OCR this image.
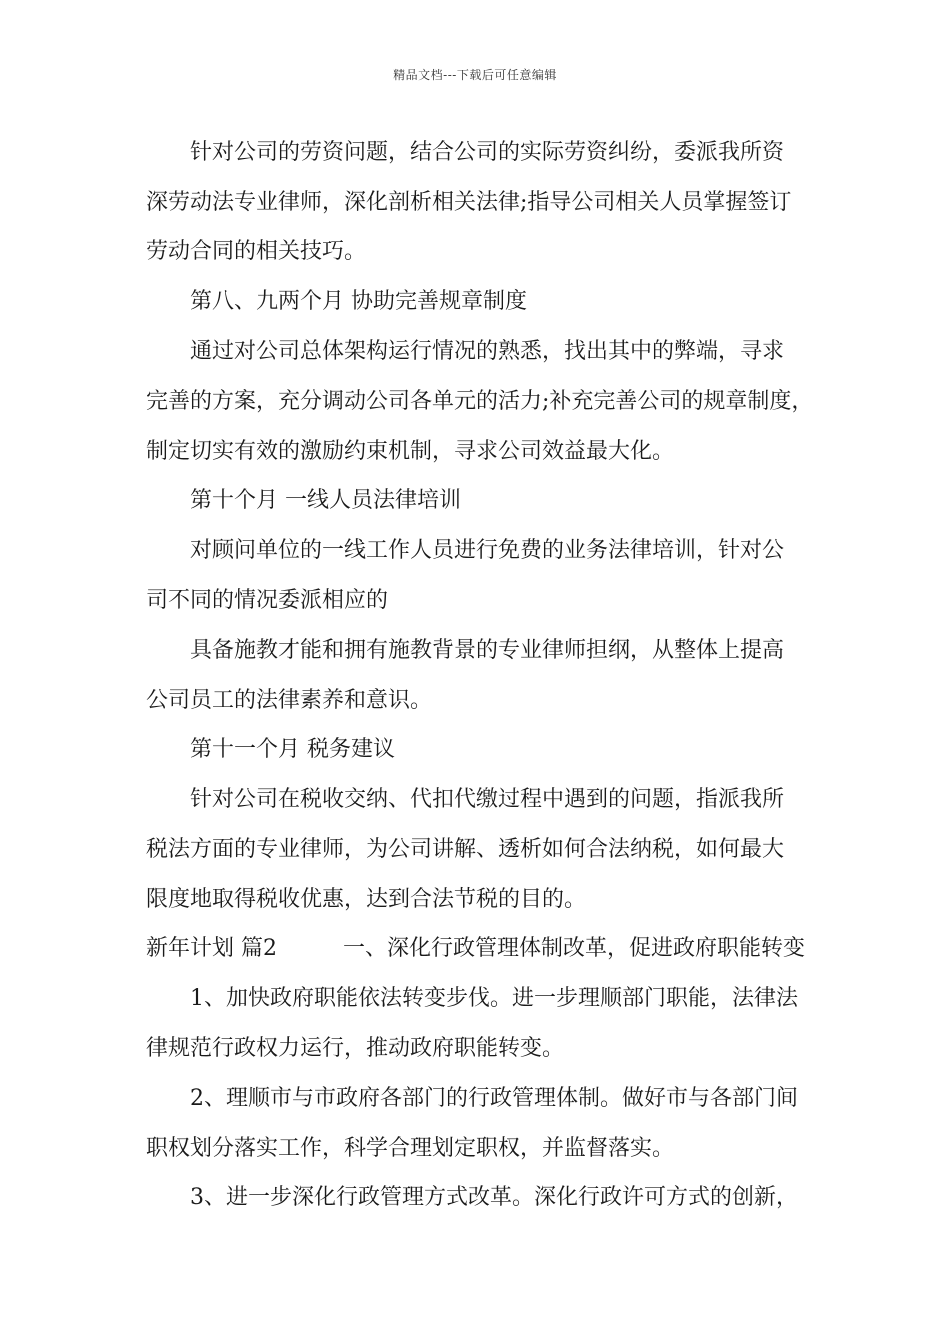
精品文档---下载后可任意编辑
针对公司的劳资问题，结合公司的实际劳资纠纷，委派我所资
深劳动法专业律师，深化剖析相关法律;指导公司相关人员掌握签订
劳动合同的相关技巧。
第八、九两个月 协助完善规章制度
通过对公司总体架构运行情况的熟悉，找出其中的弊端，寻求
完善的方案，充分调动公司各单元的活力;补充完善公司的规章制度，
制定切实有效的激励约束机制，寻求公司效益最大化。
第十个月 一线人员法律培训
对顾问单位的一线工作人员进行免费的业务法律培训，针对公
司不同的情况委派相应的
具备施教才能和拥有施教背景的专业律师担纲，从整体上提高
公司员工的法律素养和意识。
第十一个月 税务建议
针对公司在税收交纳、代扣代缴过程中遇到的问题，指派我所
税法方面的专业律师，为公司讲解、透析如何合法纳税，如何最大
限度地取得税收优惠，达到合法节税的目的。
新年计划 篇2	一、深化行政管理体制改革，促进政府职能转变
1、加快政府职能依法转变步伐。进一步理顺部门职能，法律法
律规范行政权力运行，推动政府职能转变。
2、理顺市与市政府各部门的行政管理体制。做好市与各部门间
职权划分落实工作，科学合理划定职权，并监督落实。
3、进一步深化行政管理方式改革。深化行政许可方式的创新，
